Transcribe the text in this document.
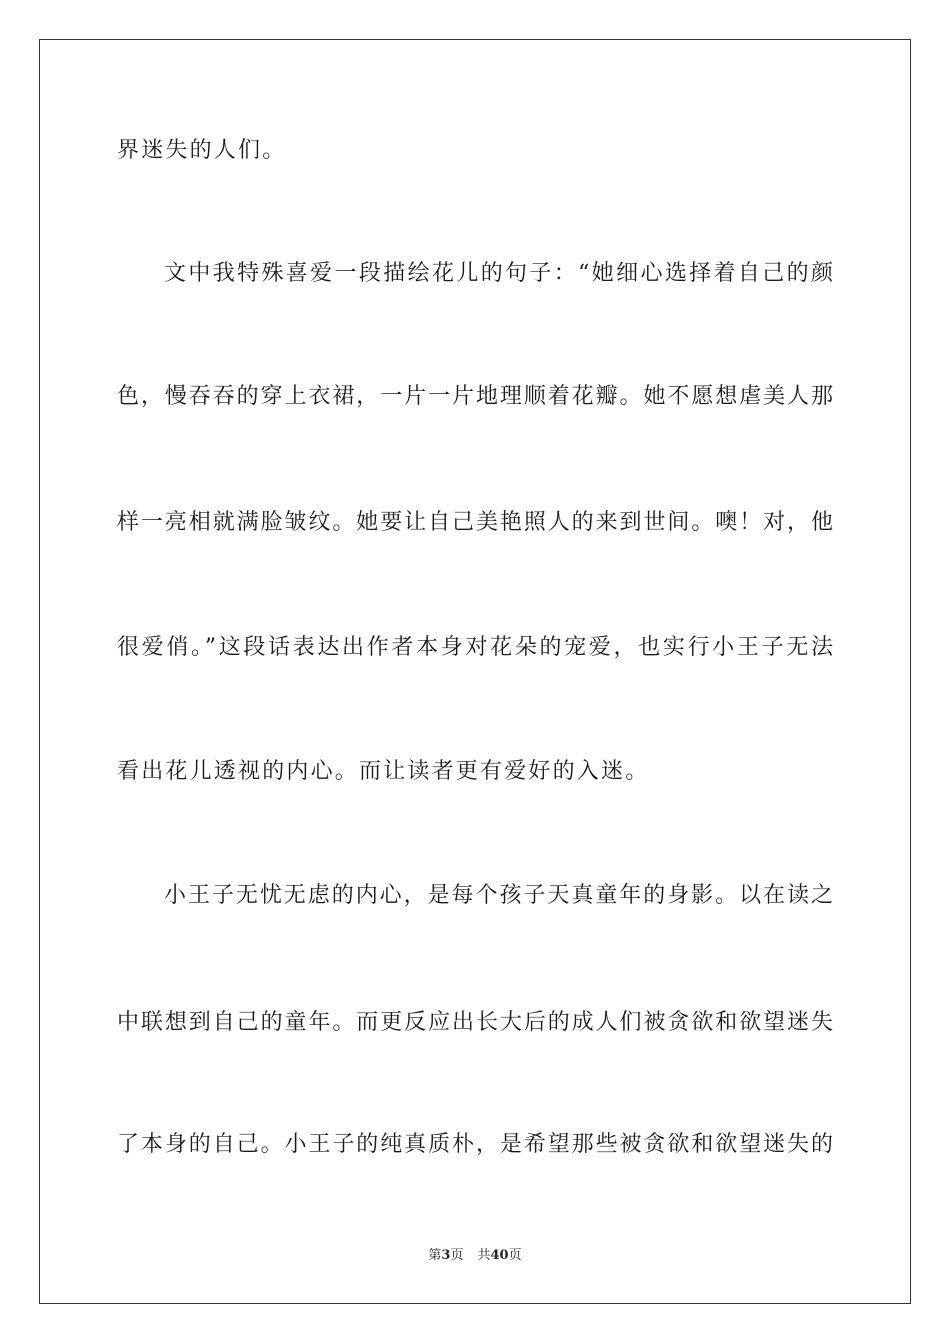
界迷失的人们。
文中我特殊喜爱一段描绘花儿的句子：“她细心选择着自己的颜
色，慢吞吞的穿上衣裙，一片一片地理顺着花瓣。她不愿想虐美人那
样一亮相就满脸皱纹。她要让自己美艳照人的来到世间。噢！对，他
很爱俏。”这段话表达出作者本身对花朵的宠爱，也实行小王子无法
看出花儿透视的内心。而让读者更有爱好的入迷。
小王子无忧无虑的内心，是每个孩子天真童年的身影。以在读之
中联想到自己的童年。而更反应出长大后的成人们被贪欲和欲望迷失
了本身的自己。小王子的纯真质朴，是希望那些被贪欲和欲望迷失的
第3页 共40页
